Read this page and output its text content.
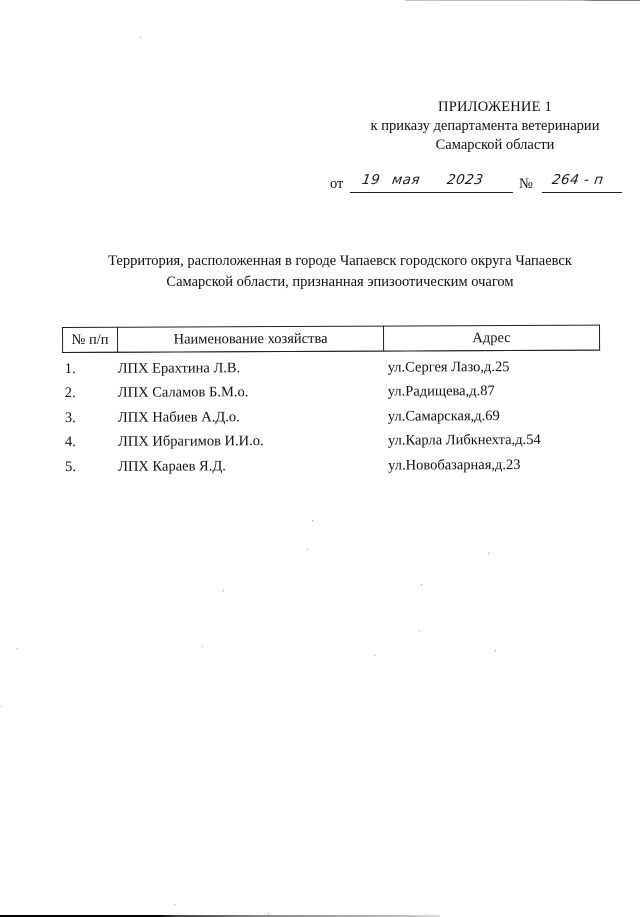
ПРИЛОЖЕНИЕ 1
к приказу департамента ветеринарии
Самарской области
от 19 мая 2023 № 264 - п
Территория, расположенная в городе Чапаевск городского округа Чапаевск
Самарской области, признанная эпизоотическим очагом
№ п/п	Наименование хозяйства	Адрес
1.	ЛПХ Ерахтина Л.В.	ул.Сергея Лазо,д.25
2.	ЛПХ Саламов Б.М.о.	ул.Радищева,д.87
3.	ЛПХ Набиев А.Д.о.	ул.Самарская,д.69
4.	ЛПХ Ибрагимов И.И.о.	ул.Карла Либкнехта,д.54
5.	ЛПХ Караев Я.Д.	ул.Новобазарная,д.23
